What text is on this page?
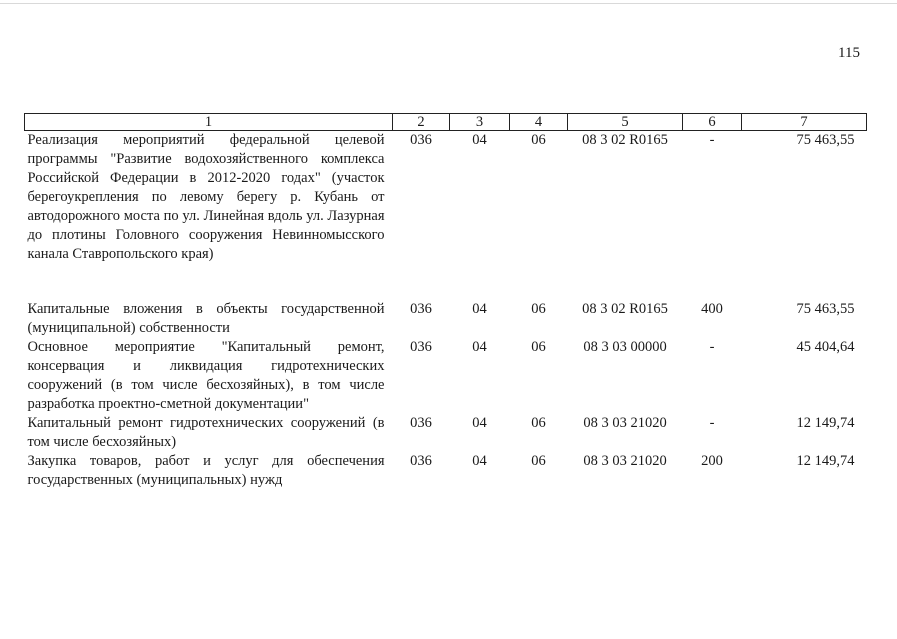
115
1	2	3	4	5	6	7
Реализация мероприятий федеральной целевой программы "Развитие водохозяйственного комплекса Российской Федерации в 2012-2020 годах" (участок берегоукрепления по левому берегу р. Кубань от автодорожного моста по ул. Линейная вдоль ул. Лазурная до плотины Головного сооружения Невинномысского канала Ставропольского края)	036	04	06	08 3 02 R0165	-	75 463,55

Капитальные вложения в объекты государственной (муниципальной) собственности	036	04	06	08 3 02 R0165	400	75 463,55
Основное мероприятие "Капитальный ремонт, консервация и ликвидация гидротехнических сооружений (в том числе бесхозяйных), в том числе разработка проектно-сметной документации"	036	04	06	08 3 03 00000	-	45 404,64
Капитальный ремонт гидротехнических сооружений (в том числе бесхозяйных)	036	04	06	08 3 03 21020	-	12 149,74
Закупка товаров, работ и услуг для обеспечения государственных (муниципальных) нужд	036	04	06	08 3 03 21020	200	12 149,74
